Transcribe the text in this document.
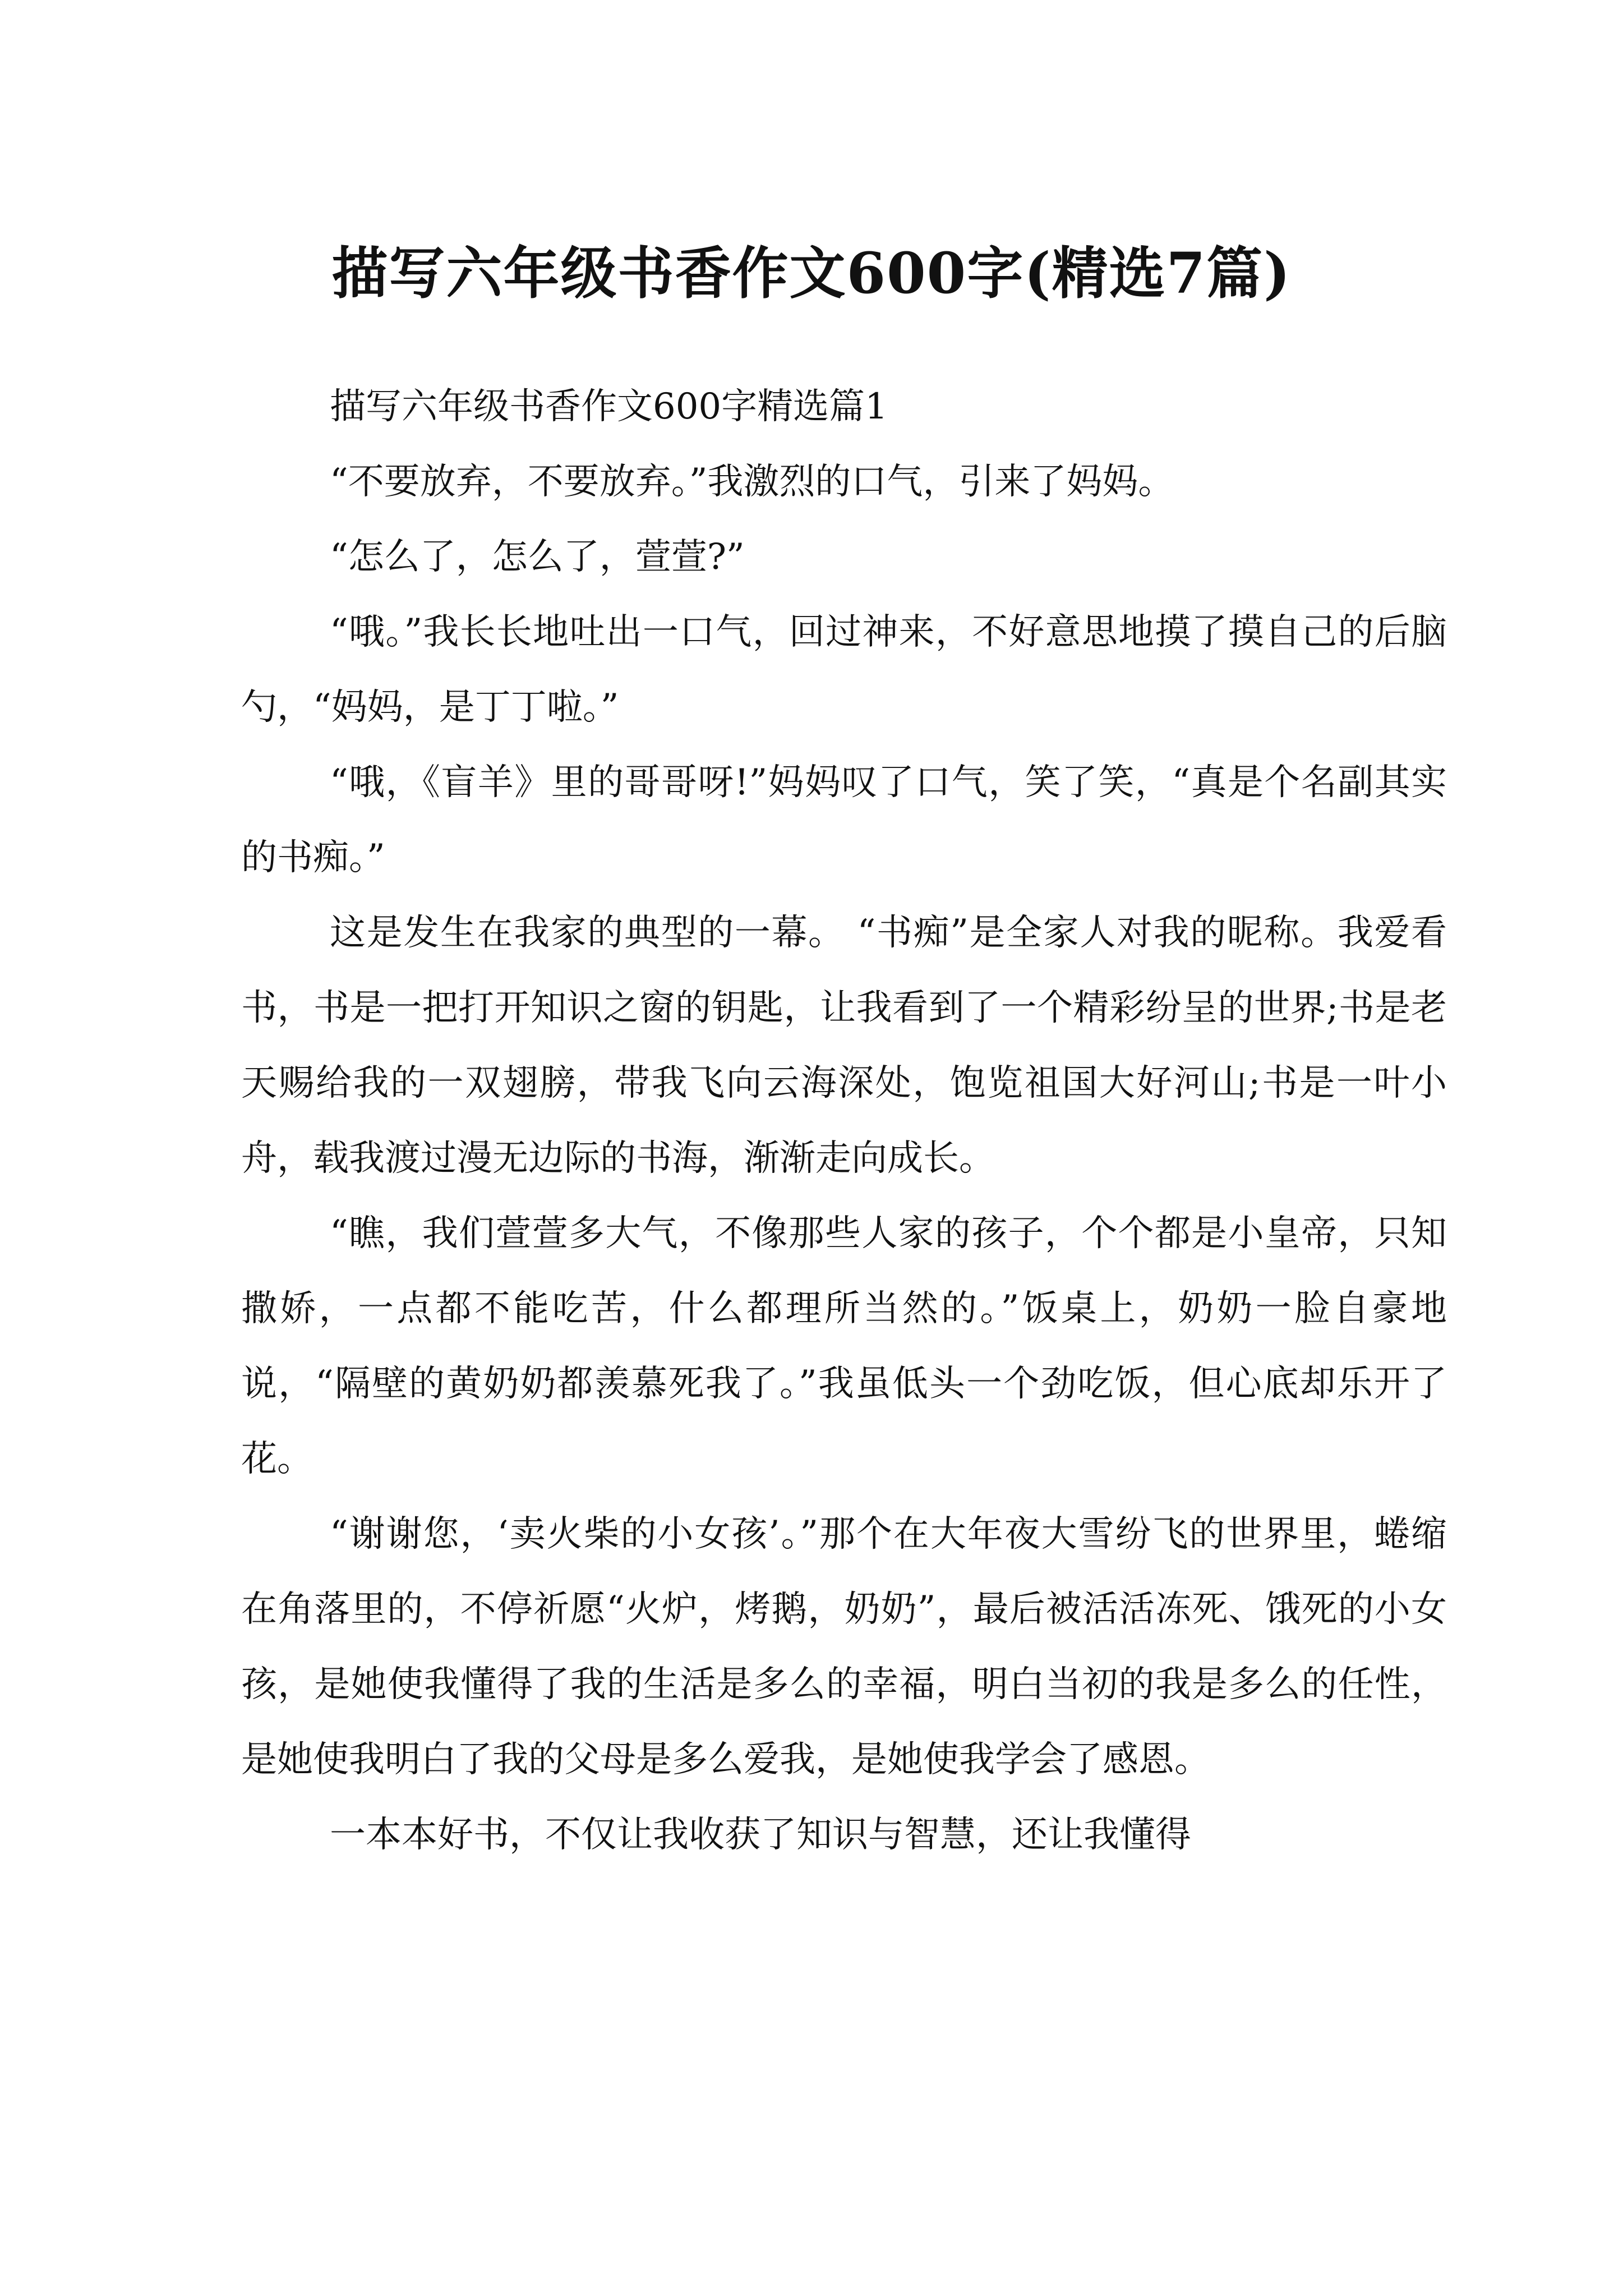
描写六年级书香作文600字(精选7篇)

描写六年级书香作文600字精选篇1

“不要放弃，不要放弃。”我激烈的口气，引来了妈妈。

“怎么了，怎么了，萱萱?”

“哦。”我长长地吐出一口气，回过神来，不好意思地摸了摸自己的后脑勺，“妈妈，是丁丁啦。”

“哦，《盲羊》里的哥哥呀!”妈妈叹了口气，笑了笑，“真是个名副其实的书痴。”

这是发生在我家的典型的一幕。 “书痴”是全家人对我的昵称。我爱看书，书是一把打开知识之窗的钥匙，让我看到了一个精彩纷呈的世界;书是老天赐给我的一双翅膀，带我飞向云海深处，饱览祖国大好河山;书是一叶小舟，载我渡过漫无边际的书海，渐渐走向成长。

“瞧，我们萱萱多大气，不像那些人家的孩子，个个都是小皇帝，只知撒娇，一点都不能吃苦，什么都理所当然的。”饭桌上，奶奶一脸自豪地说，“隔壁的黄奶奶都羡慕死我了。”我虽低头一个劲吃饭，但心底却乐开了花。

“谢谢您，‘卖火柴的小女孩’。”那个在大年夜大雪纷飞的世界里，蜷缩在角落里的，不停祈愿“火炉，烤鹅，奶奶”，最后被活活冻死、饿死的小女孩，是她使我懂得了我的生活是多么的幸福，明白当初的我是多么的任性，是她使我明白了我的父母是多么爱我，是她使我学会了感恩。

一本本好书，不仅让我收获了知识与智慧，还让我懂得
